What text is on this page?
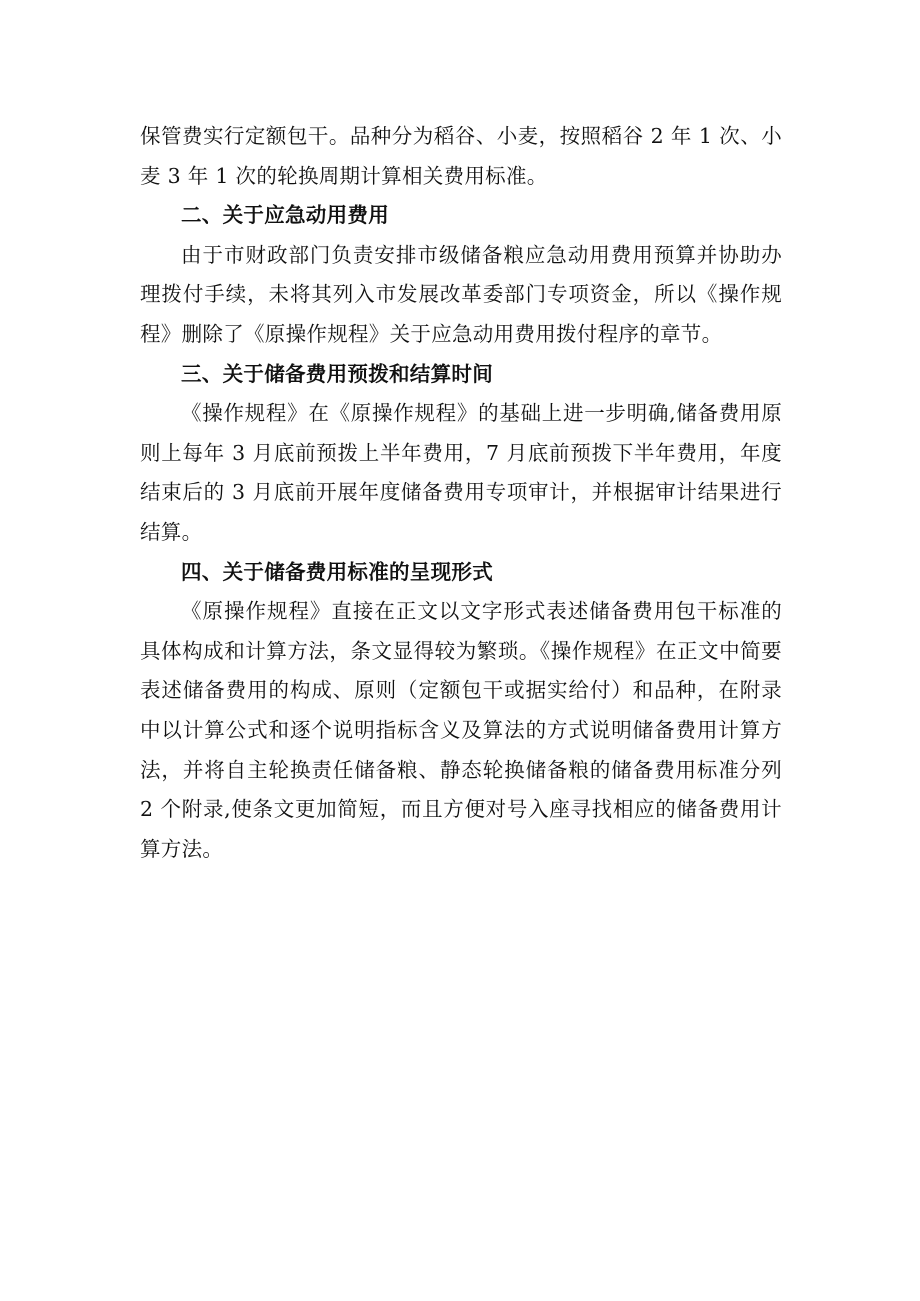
保管费实行定额包干。品种分为稻谷、小麦，按照稻谷 2 年 1 次、小麦 3 年 1 次的轮换周期计算相关费用标准。

二、关于应急动用费用

由于市财政部门负责安排市级储备粮应急动用费用预算并协助办理拨付手续，未将其列入市发展改革委部门专项资金，所以《操作规程》删除了《原操作规程》关于应急动用费用拨付程序的章节。

三、关于储备费用预拨和结算时间

《操作规程》在《原操作规程》的基础上进一步明确,储备费用原则上每年 3 月底前预拨上半年费用，7 月底前预拨下半年费用，年度结束后的 3 月底前开展年度储备费用专项审计，并根据审计结果进行结算。

四、关于储备费用标准的呈现形式

《原操作规程》直接在正文以文字形式表述储备费用包干标准的具体构成和计算方法，条文显得较为繁琐。《操作规程》在正文中简要表述储备费用的构成、原则（定额包干或据实给付）和品种，在附录中以计算公式和逐个说明指标含义及算法的方式说明储备费用计算方法，并将自主轮换责任储备粮、静态轮换储备粮的储备费用标准分列 2 个附录,使条文更加简短，而且方便对号入座寻找相应的储备费用计算方法。
